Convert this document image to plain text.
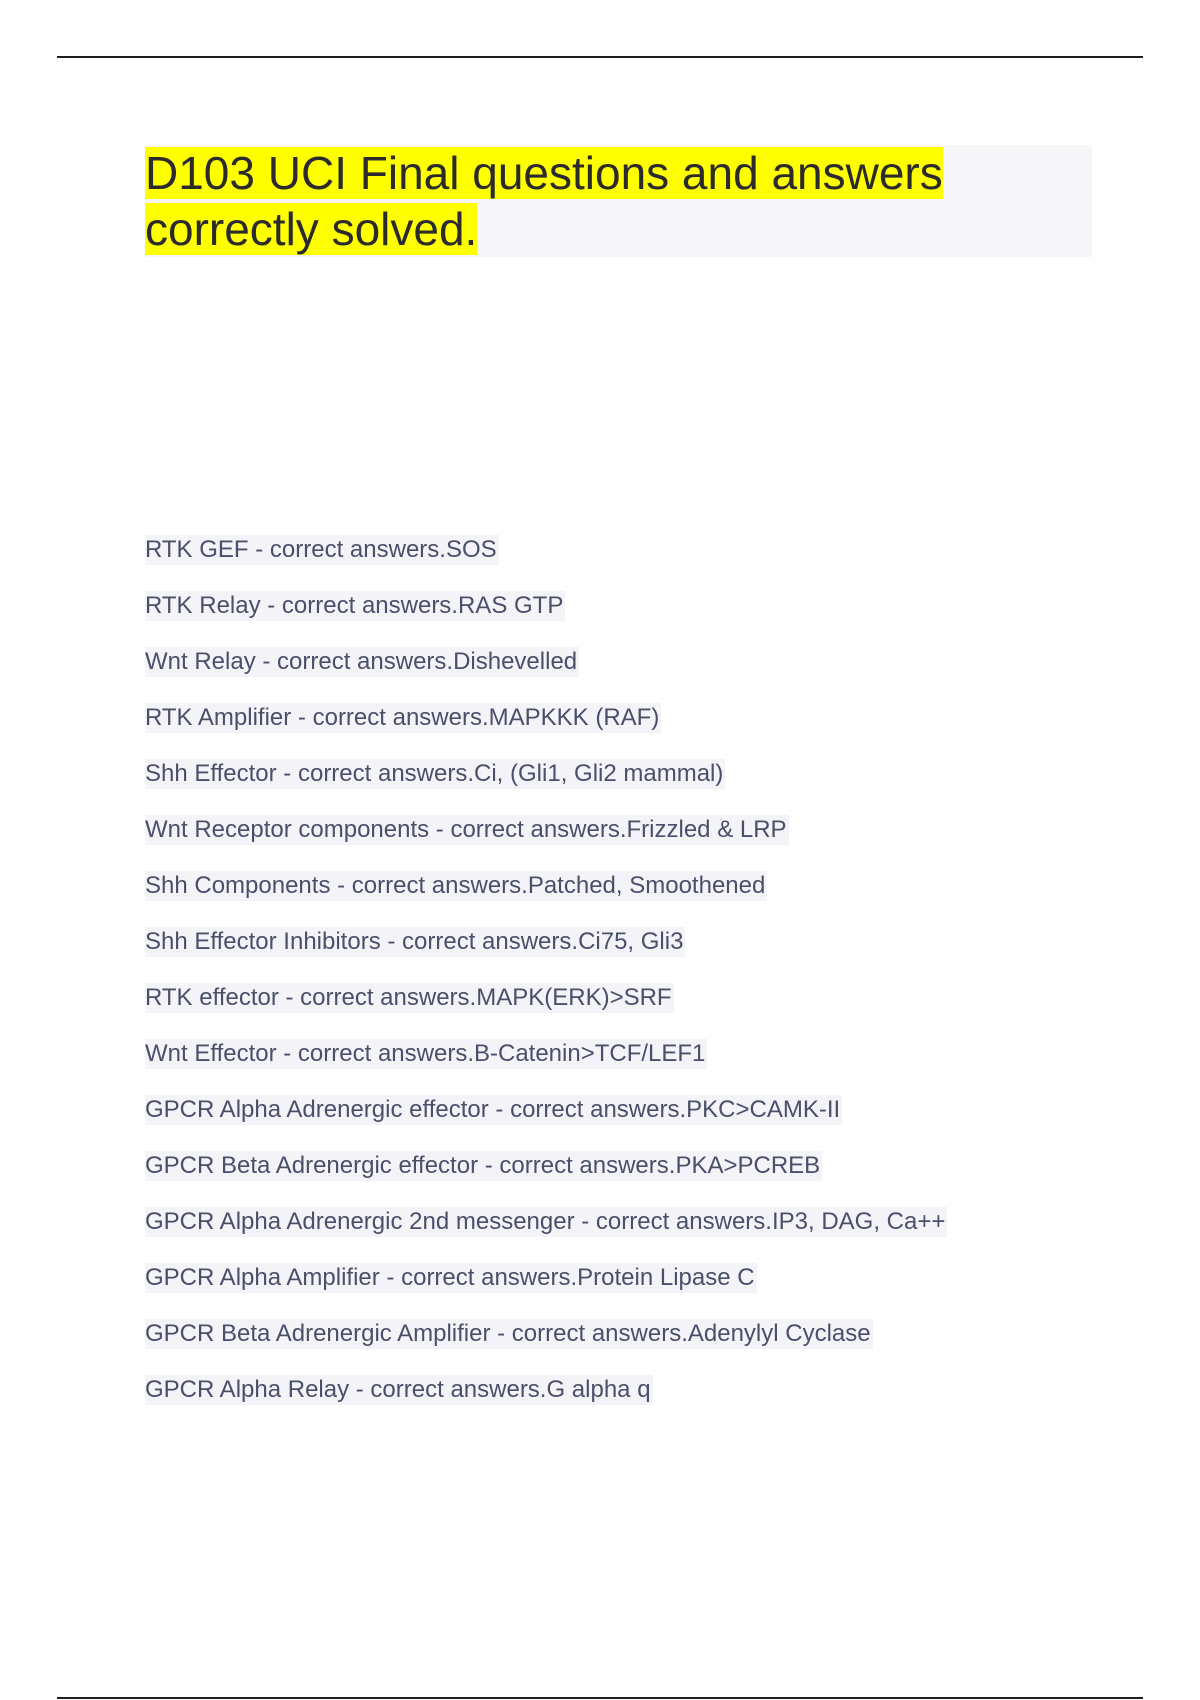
D103 UCI Final questions and answers correctly solved.
RTK GEF - correct answers.SOS
RTK Relay - correct answers.RAS GTP
Wnt Relay - correct answers.Dishevelled
RTK Amplifier - correct answers.MAPKKK (RAF)
Shh Effector - correct answers.Ci, (Gli1, Gli2 mammal)
Wnt Receptor components - correct answers.Frizzled & LRP
Shh Components - correct answers.Patched, Smoothened
Shh Effector Inhibitors - correct answers.Ci75, Gli3
RTK effector - correct answers.MAPK(ERK)>SRF
Wnt Effector - correct answers.B-Catenin>TCF/LEF1
GPCR Alpha Adrenergic effector - correct answers.PKC>CAMK-II
GPCR Beta Adrenergic effector - correct answers.PKA>PCREB
GPCR Alpha Adrenergic 2nd messenger - correct answers.IP3, DAG, Ca++
GPCR Alpha Amplifier - correct answers.Protein Lipase C
GPCR Beta Adrenergic Amplifier - correct answers.Adenylyl Cyclase
GPCR Alpha Relay - correct answers.G alpha q
